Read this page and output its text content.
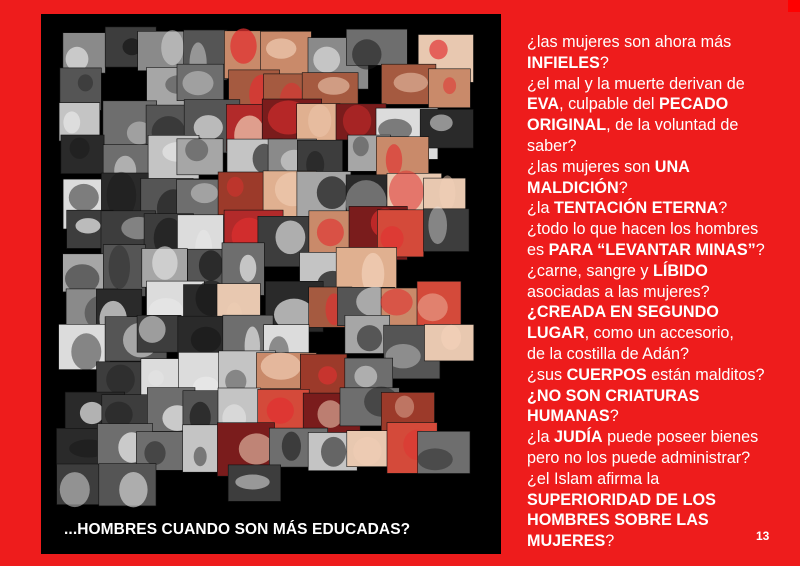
...HOMBRES CUANDO SON MÁS EDUCADAS?
¿las mujeres son ahora más
INFIELES?
¿el mal y la muerte derivan de
EVA, culpable del PECADO
ORIGINAL, de la voluntad de
saber?
¿las mujeres son UNA
MALDICIÓN?
¿la TENTACIÓN ETERNA?
¿todo lo que hacen los hombres
es PARA “LEVANTAR MINAS”?
¿carne, sangre y LÍBIDO
asociadas a las mujeres?
¿CREADA EN SEGUNDO
LUGAR, como un accesorio,
de la costilla de Adán?
¿sus CUERPOS están malditos?
¿NO SON CRIATURAS
HUMANAS?
¿la JUDÍA puede poseer bienes
pero no los puede administrar?
¿el Islam afirma la
SUPERIORIDAD DE LOS
HOMBRES SOBRE LAS
MUJERES?	13
